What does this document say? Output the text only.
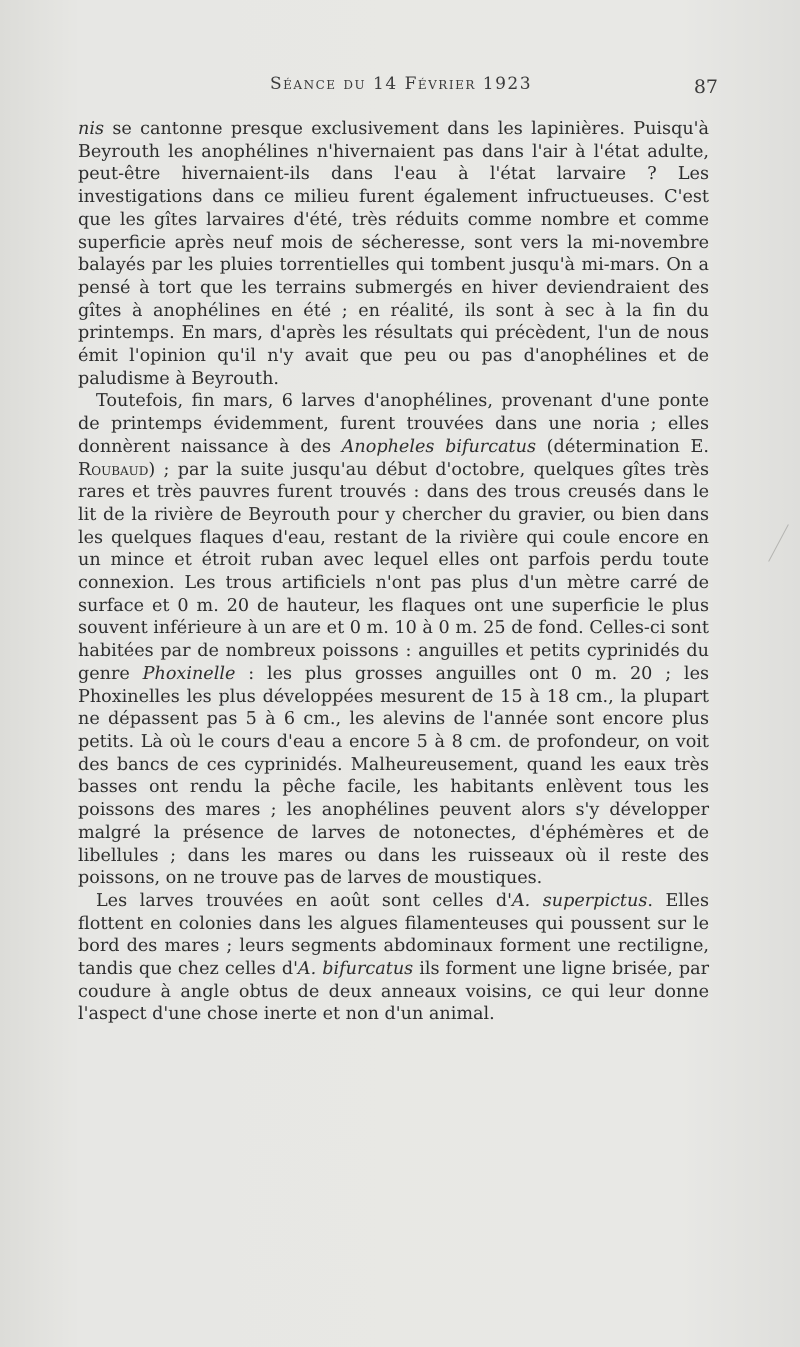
Séance du 14 Février 1923	87

nis se cantonne presque exclusivement dans les lapinières. Puisqu'à Beyrouth les anophélines n'hivernaient pas dans l'air à l'état adulte, peut-être hivernaient-ils dans l'eau à l'état larvaire ? Les investigations dans ce milieu furent également infructueuses. C'est que les gîtes larvaires d'été, très réduits comme nombre et comme superficie après neuf mois de sécheresse, sont vers la mi-novembre balayés par les pluies torrentielles qui tombent jusqu'à mi-mars. On a pensé à tort que les terrains submergés en hiver deviendraient des gîtes à anophélines en été ; en réalité, ils sont à sec à la fin du printemps. En mars, d'après les résultats qui précèdent, l'un de nous émit l'opinion qu'il n'y avait que peu ou pas d'anophélines et de paludisme à Beyrouth.

Toutefois, fin mars, 6 larves d'anophélines, provenant d'une ponte de printemps évidemment, furent trouvées dans une noria ; elles donnèrent naissance à des Anopheles bifurcatus (détermination E. Roubaud) ; par la suite jusqu'au début d'octobre, quelques gîtes très rares et très pauvres furent trouvés : dans des trous creusés dans le lit de la rivière de Beyrouth pour y chercher du gravier, ou bien dans les quelques flaques d'eau, restant de la rivière qui coule encore en un mince et étroit ruban avec lequel elles ont parfois perdu toute connexion. Les trous artificiels n'ont pas plus d'un mètre carré de surface et 0 m. 20 de hauteur, les flaques ont une superficie le plus souvent inférieure à un are et 0 m. 10 à 0 m. 25 de fond. Celles-ci sont habitées par de nombreux poissons : anguilles et petits cyprinidés du genre Phoxinelle : les plus grosses anguilles ont 0 m. 20 ; les Phoxinelles les plus développées mesurent de 15 à 18 cm., la plupart ne dépassent pas 5 à 6 cm., les alevins de l'année sont encore plus petits. Là où le cours d'eau a encore 5 à 8 cm. de profondeur, on voit des bancs de ces cyprinidés. Malheureusement, quand les eaux très basses ont rendu la pêche facile, les habitants enlèvent tous les poissons des mares ; les anophélines peuvent alors s'y développer malgré la présence de larves de notonectes, d'éphémères et de libellules ; dans les mares ou dans les ruisseaux où il reste des poissons, on ne trouve pas de larves de moustiques.

Les larves trouvées en août sont celles d'A. superpictus. Elles flottent en colonies dans les algues filamenteuses qui poussent sur le bord des mares ; leurs segments abdominaux forment une rectiligne, tandis que chez celles d'A. bifurcatus ils forment une ligne brisée, par coudure à angle obtus de deux anneaux voisins, ce qui leur donne l'aspect d'une chose inerte et non d'un animal.
